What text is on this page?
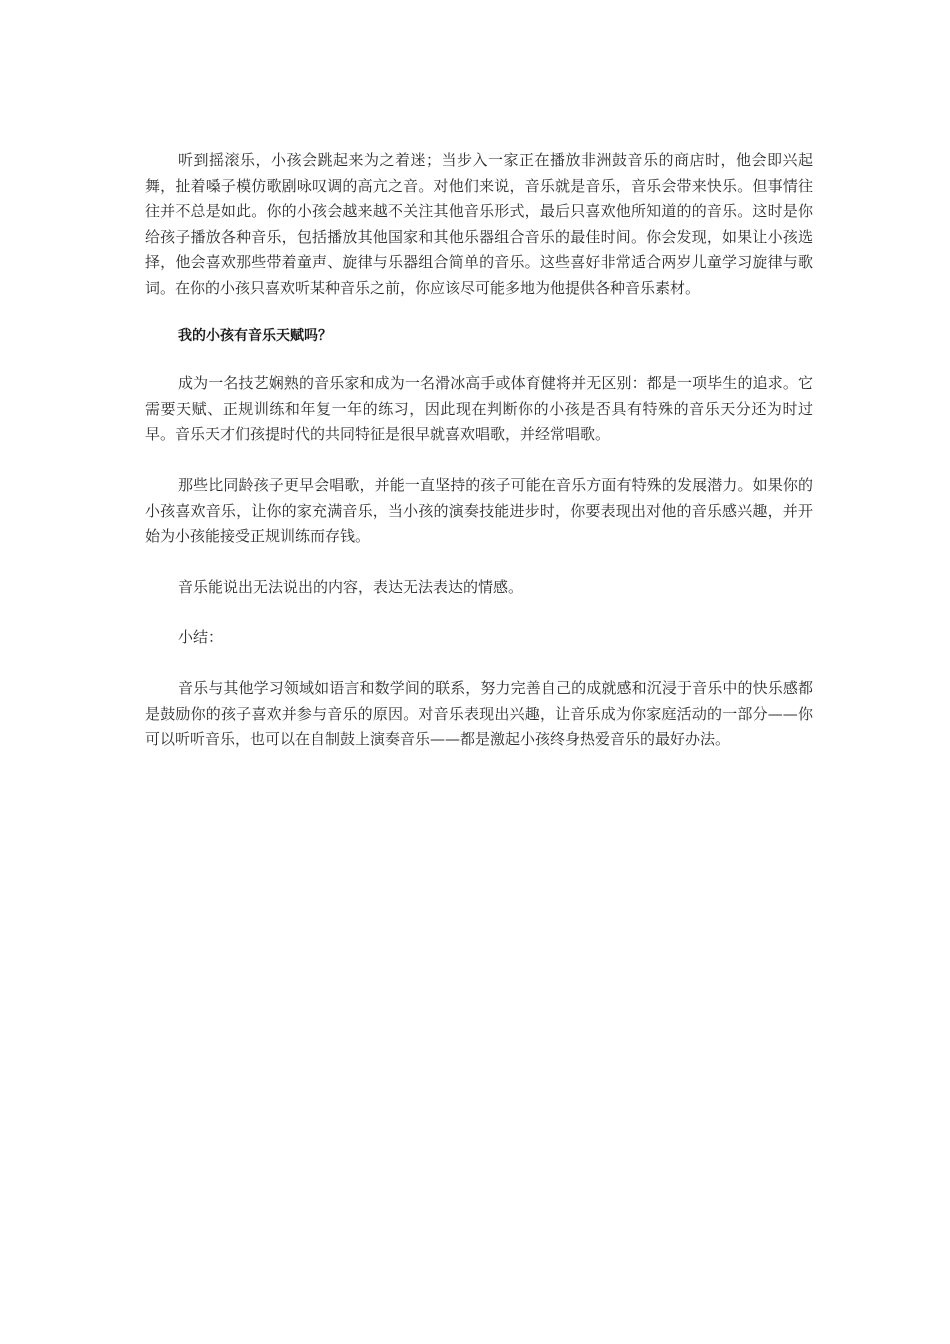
听到摇滚乐，小孩会跳起来为之着迷；当步入一家正在播放非洲鼓音乐的商店时，他会即兴起舞，扯着嗓子模仿歌剧咏叹调的高亢之音。对他们来说，音乐就是音乐，音乐会带来快乐。但事情往往并不总是如此。你的小孩会越来越不关注其他音乐形式，最后只喜欢他所知道的的音乐。这时是你给孩子播放各种音乐，包括播放其他国家和其他乐器组合音乐的最佳时间。你会发现，如果让小孩选择，他会喜欢那些带着童声、旋律与乐器组合简单的音乐。这些喜好非常适合两岁儿童学习旋律与歌词。在你的小孩只喜欢听某种音乐之前，你应该尽可能多地为他提供各种音乐素材。

我的小孩有音乐天赋吗？

成为一名技艺娴熟的音乐家和成为一名滑冰高手或体育健将并无区别：都是一项毕生的追求。它需要天赋、正规训练和年复一年的练习，因此现在判断你的小孩是否具有特殊的音乐天分还为时过早。音乐天才们孩提时代的共同特征是很早就喜欢唱歌，并经常唱歌。

那些比同龄孩子更早会唱歌，并能一直坚持的孩子可能在音乐方面有特殊的发展潜力。如果你的小孩喜欢音乐，让你的家充满音乐，当小孩的演奏技能进步时，你要表现出对他的音乐感兴趣，并开始为小孩能接受正规训练而存钱。

音乐能说出无法说出的内容，表达无法表达的情感。

小结：

音乐与其他学习领域如语言和数学间的联系，努力完善自己的成就感和沉浸于音乐中的快乐感都是鼓励你的孩子喜欢并参与音乐的原因。对音乐表现出兴趣，让音乐成为你家庭活动的一部分——你可以听听音乐，也可以在自制鼓上演奏音乐——都是激起小孩终身热爱音乐的最好办法。
